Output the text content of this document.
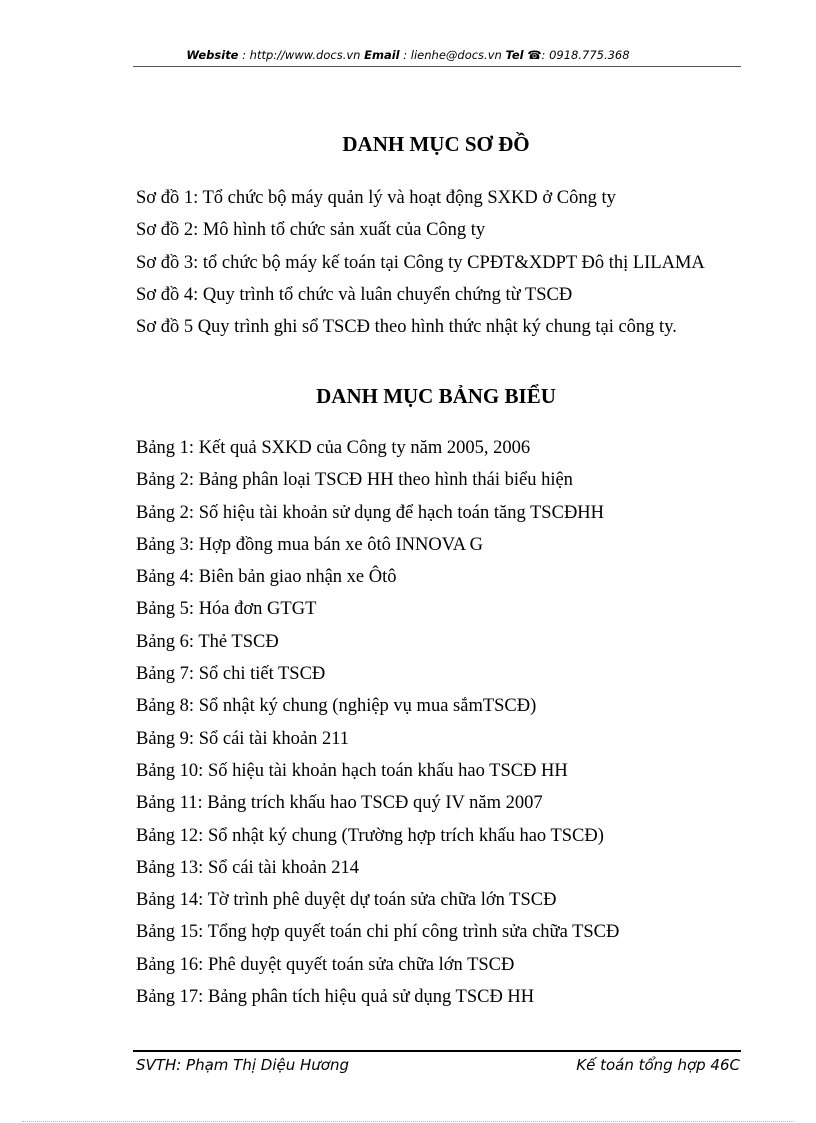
Website : http://www.docs.vn Email : lienhe@docs.vn Tel ☎: 0918.775.368
DANH MỤC SƠ ĐỒ
Sơ đồ 1: Tổ chức bộ máy quản lý và hoạt động SXKD ở Công ty
Sơ đồ 2: Mô hình tổ chức sản xuất của Công ty
Sơ đồ 3: tổ chức bộ máy kế toán tại Công ty CPĐT&XDPT Đô thị LILAMA
Sơ đồ 4: Quy trình tổ chức và luân chuyển chứng từ TSCĐ
Sơ đồ 5 Quy trình ghi sổ TSCĐ theo hình thức nhật ký chung tại công ty.
DANH MỤC BẢNG BIỂU
Bảng 1: Kết quả SXKD của Công ty năm 2005, 2006
Bảng 2: Bảng phân loại TSCĐ HH theo hình thái biểu hiện
Bảng 2: Số hiệu tài khoản sử dụng để hạch toán tăng TSCĐHH
Bảng 3: Hợp đồng mua bán xe ôtô INNOVA G
Bảng 4: Biên bản giao nhận xe Ôtô
Bảng 5: Hóa đơn GTGT
Bảng 6: Thẻ TSCĐ
Bảng 7: Sổ chi tiết TSCĐ
Bảng 8: Sổ nhật ký chung (nghiệp vụ mua sắmTSCĐ)
Bảng 9: Sổ cái tài khoản 211
Bảng 10: Số hiệu tài khoản hạch toán khấu hao TSCĐ HH
Bảng 11: Bảng trích khấu hao TSCĐ quý IV năm 2007
Bảng 12: Sổ nhật ký chung (Trường hợp trích khấu hao TSCĐ)
Bảng 13: Sổ cái tài khoản 214
Bảng 14: Tờ trình phê duyệt dự toán sửa chữa lớn TSCĐ
Bảng 15: Tổng hợp quyết toán chi phí công trình sửa chữa TSCĐ
Bảng 16: Phê duyệt quyết toán sửa chữa lớn TSCĐ
Bảng 17: Bảng phân tích hiệu quả sử dụng TSCĐ HH
SVTH: Phạm Thị Diệu Hương	Kế toán tổng hợp 46C
